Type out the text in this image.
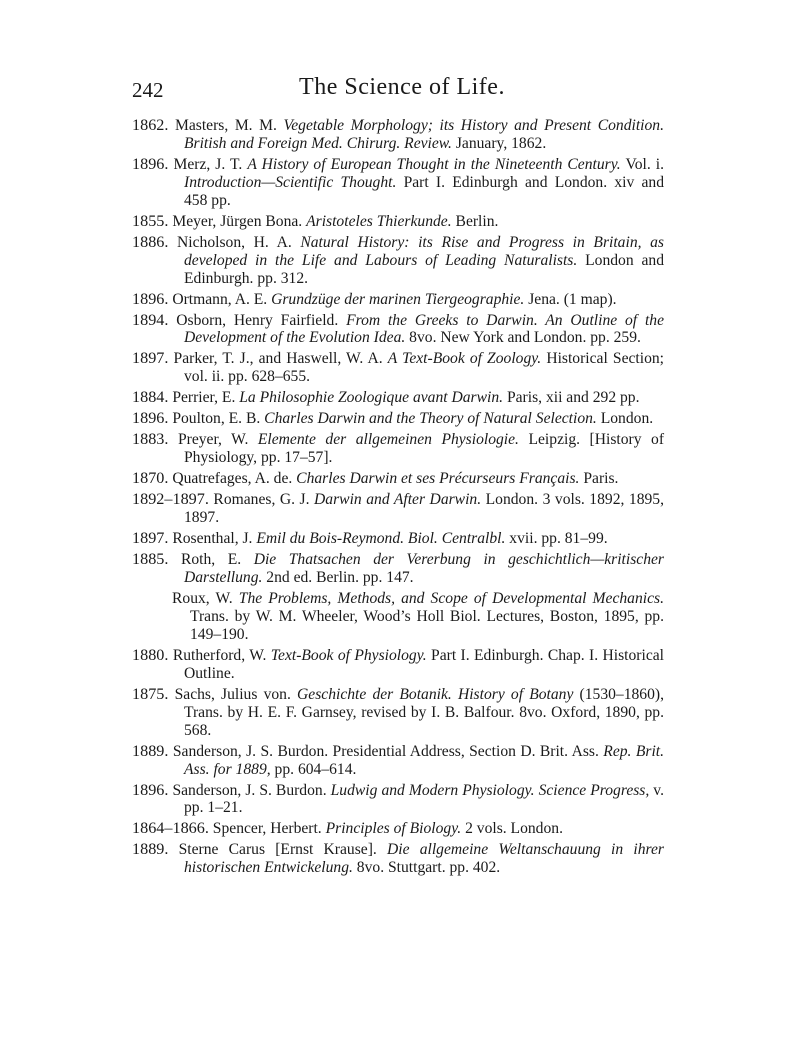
242	The Science of Life.
1862. Masters, M. M. Vegetable Morphology; its History and Present Condition. British and Foreign Med. Chirurg. Review. January, 1862.
1896. Merz, J. T. A History of European Thought in the Nineteenth Century. Vol. i. Introduction—Scientific Thought. Part I. Edinburgh and London. xiv and 458 pp.
1855. Meyer, Jürgen Bona. Aristoteles Thierkunde. Berlin.
1886. Nicholson, H. A. Natural History: its Rise and Progress in Britain, as developed in the Life and Labours of Leading Naturalists. London and Edinburgh. pp. 312.
1896. Ortmann, A. E. Grundzüge der marinen Tiergeographie. Jena. (1 map).
1894. Osborn, Henry Fairfield. From the Greeks to Darwin. An Outline of the Development of the Evolution Idea. 8vo. New York and London. pp. 259.
1897. Parker, T. J., and Haswell, W. A. A Text-Book of Zoology. Historical Section; vol. ii. pp. 628–655.
1884. Perrier, E. La Philosophie Zoologique avant Darwin. Paris, xii and 292 pp.
1896. Poulton, E. B. Charles Darwin and the Theory of Natural Selection. London.
1883. Preyer, W. Elemente der allgemeinen Physiologie. Leipzig. [History of Physiology, pp. 17–57].
1870. Quatrefages, A. de. Charles Darwin et ses Précurseurs Français. Paris.
1892–1897. Romanes, G. J. Darwin and After Darwin. London. 3 vols. 1892, 1895, 1897.
1897. Rosenthal, J. Emil du Bois-Reymond. Biol. Centralbl. xvii. pp. 81–99.
1885. Roth, E. Die Thatsachen der Vererbung in geschichtlich—kritischer Darstellung. 2nd ed. Berlin. pp. 147.
Roux, W. The Problems, Methods, and Scope of Developmental Mechanics. Trans. by W. M. Wheeler, Wood’s Holl Biol. Lectures, Boston, 1895, pp. 149–190.
1880. Rutherford, W. Text-Book of Physiology. Part I. Edinburgh. Chap. I. Historical Outline.
1875. Sachs, Julius von. Geschichte der Botanik. History of Botany (1530–1860), Trans. by H. E. F. Garnsey, revised by I. B. Balfour. 8vo. Oxford, 1890, pp. 568.
1889. Sanderson, J. S. Burdon. Presidential Address, Section D. Brit. Ass. Rep. Brit. Ass. for 1889, pp. 604–614.
1896. Sanderson, J. S. Burdon. Ludwig and Modern Physiology. Science Progress, v. pp. 1–21.
1864–1866. Spencer, Herbert. Principles of Biology. 2 vols. London.
1889. Sterne Carus [Ernst Krause]. Die allgemeine Weltanschauung in ihrer historischen Entwickelung. 8vo. Stuttgart. pp. 402.
